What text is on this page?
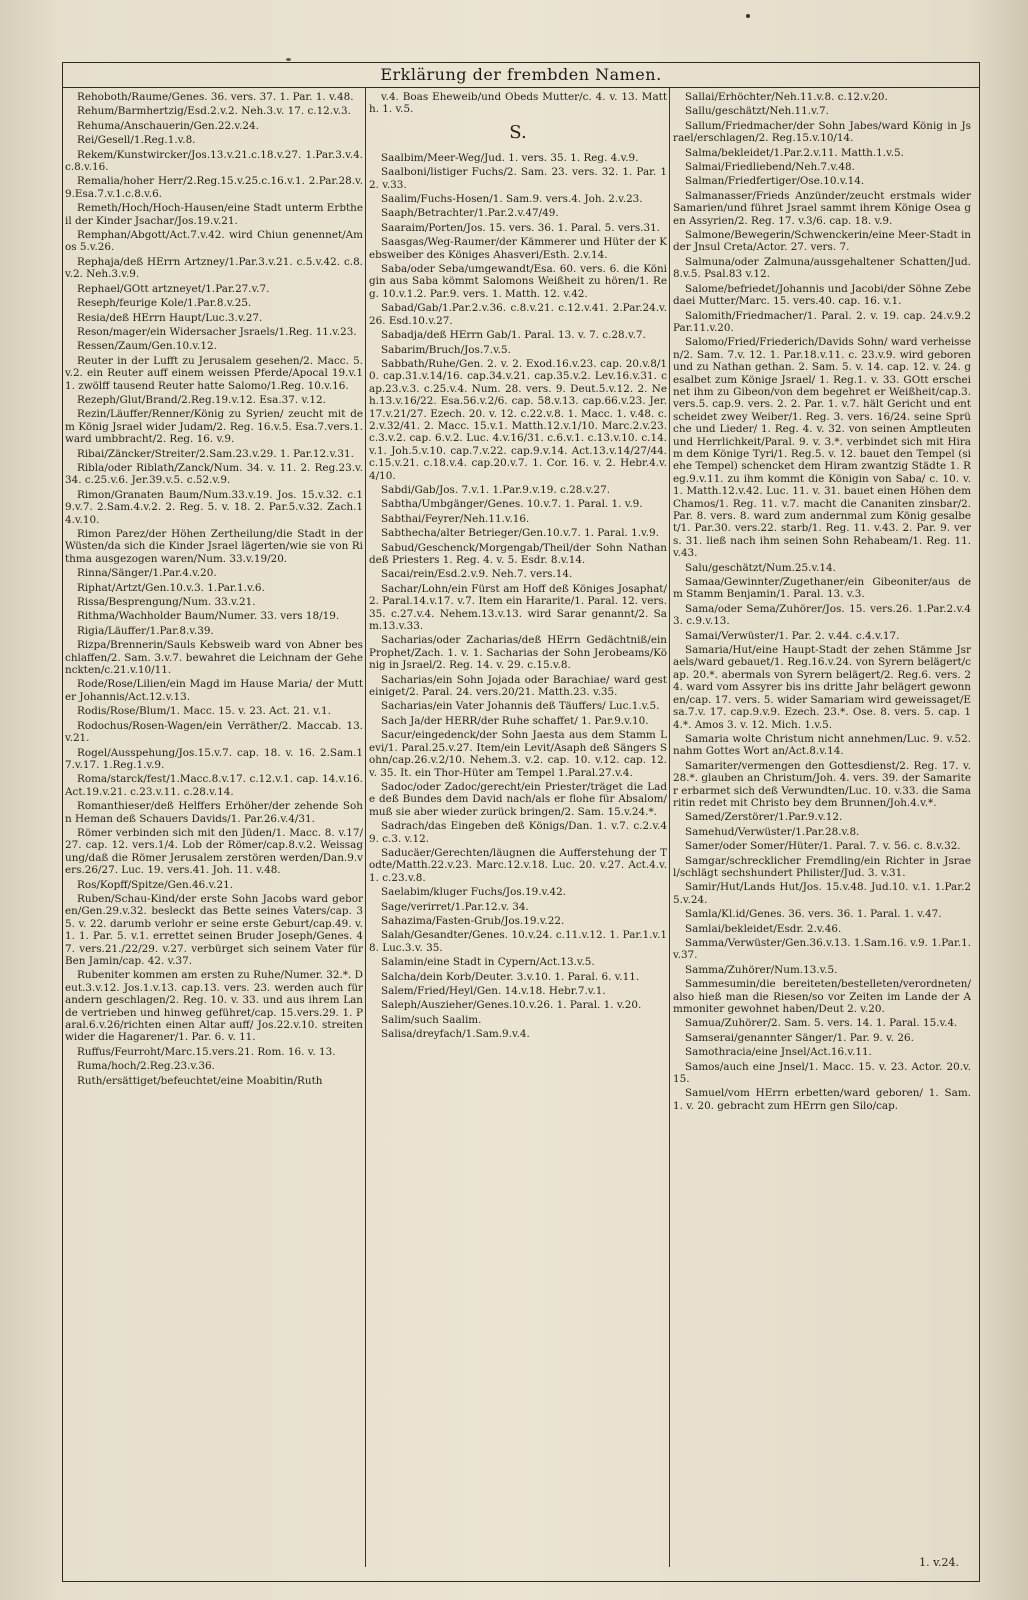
Erklärung der frembden Namen.
Rehoboth/Raume/Genes. 36. vers. 37. 1. Par. 1. v.48.
Rehum/Barmhertzig/Esd.2.v.2. Neh.3.v. 17. c.12.v.3.
Rehuma/Anschauerin/Gen.22.v.24.
Rei/Gesell/1.Reg.1.v.8.
Rekem/Kunstwircker/Jos.13.v.21.c.18.v.27. 1.Par.3.v.4.c.8.v.16.
Remalia/hoher Herr/2.Reg.15.v.25.c.16.v.1. 2.Par.28.v.9.Esa.7.v.1.c.8.v.6.
Remeth/Hoch/Hoch-Hausen/eine Stadt unterm Erbtheil der Kinder Jsachar/Jos.19.v.21.
Remphan/Abgott/Act.7.v.42. wird Chiun genennet/Amos 5.v.26.
Rephaja/deß HErrn Artzney/1.Par.3.v.21. c.5.v.42. c.8.v.2. Neh.3.v.9.
Rephael/GOtt artzneyet/1.Par.27.v.7.
Reseph/feurige Kole/1.Par.8.v.25.
Resia/deß HErrn Haupt/Luc.3.v.27.
Reson/mager/ein Widersacher Jsraels/1.Reg. 11.v.23.
Ressen/Zaum/Gen.10.v.12.
Reuter in der Lufft zu Jerusalem gesehen/2. Macc. 5.v.2. ein Reuter auff einem weissen Pferde/Apocal 19.v.11. zwölff tausend Reuter hatte Salomo/1.Reg. 10.v.16.
Rezeph/Glut/Brand/2.Reg.19.v.12. Esa.37. v.12.
Rezin/Läuffer/Renner/König zu Syrien/ zeucht mit dem König Jsrael wider Judam/2. Reg. 16.v.5. Esa.7.vers.1. ward umbbracht/2. Reg. 16. v.9.
Ribai/Zäncker/Streiter/2.Sam.23.v.29. 1. Par.12.v.31.
Ribla/oder Riblath/Zanck/Num. 34. v. 11. 2. Reg.23.v.34. c.25.v.6. Jer.39.v.5. c.52.v.9.
Rimon/Granaten Baum/Num.33.v.19. Jos. 15.v.32. c.19.v.7. 2.Sam.4.v.2. 2. Reg. 5. v. 18. 2. Par.5.v.32. Zach.14.v.10.
Rimon Parez/der Höhen Zertheilung/die Stadt in der Wüsten/da sich die Kinder Jsrael lägerten/wie sie von Rithma ausgezogen waren/Num. 33.v.19/20.
Rinna/Sänger/1.Par.4.v.20.
Riphat/Artzt/Gen.10.v.3. 1.Par.1.v.6.
Rissa/Besprengung/Num. 33.v.21.
Rithma/Wachholder Baum/Numer. 33. vers 18/19.
Rigia/Läuffer/1.Par.8.v.39.
Rizpa/Brennerin/Sauls Kebsweib ward von Abner beschlaffen/2. Sam. 3.v.7. bewahret die Leichnam der Gehenckten/c.21.v.10/11.
Rode/Rose/Lilien/ein Magd im Hause Maria/ der Mutter Johannis/Act.12.v.13.
Rodis/Rose/Blum/1. Macc. 15. v. 23. Act. 21. v.1.
Rodochus/Rosen-Wagen/ein Verräther/2. Maccab. 13.v.21.
Rogel/Ausspehung/Jos.15.v.7. cap. 18. v. 16. 2.Sam.17.v.17. 1.Reg.1.v.9.
Roma/starck/fest/1.Macc.8.v.17. c.12.v.1. cap. 14.v.16. Act.19.v.21. c.23.v.11. c.28.v.14.
Romanthieser/deß Helffers Erhöher/der zehende Sohn Heman deß Schauers Davids/1. Par.26.v.4/31.
Römer verbinden sich mit den Jüden/1. Macc. 8. v.17/27. cap. 12. vers.1/4. Lob der Römer/cap.8.v.2. Weissagung/daß die Römer Jerusalem zerstören werden/Dan.9.vers.26/27. Luc. 19. vers.41. Joh. 11. v.48.
Ros/Kopff/Spitze/Gen.46.v.21.
Ruben/Schau-Kind/der erste Sohn Jacobs ward geboren/Gen.29.v.32. besleckt das Bette seines Vaters/cap. 35. v. 22. darumb verlohr er seine erste Geburt/cap.49. v. 1. 1. Par. 5. v.1. errettet seinen Bruder Joseph/Genes. 47. vers.21./22/29. v.27. verbürget sich seinem Vater für Ben Jamin/cap. 42. v.37.
Rubeniter kommen am ersten zu Ruhe/Numer. 32.*. Deut.3.v.12. Jos.1.v.13. cap.13. vers. 23. werden auch für andern geschlagen/2. Reg. 10. v. 33. und aus ihrem Lande vertrieben und hinweg geführet/cap. 15.vers.29. 1. Paral.6.v.26/richten einen Altar auff/ Jos.22.v.10. streiten wider die Hagarener/1. Par. 6. v. 11.
Ruffus/Feurroht/Marc.15.vers.21. Rom. 16. v. 13.
Ruma/hoch/2.Reg.23.v.36.
Ruth/ersättiget/befeuchtet/eine Moabitin/Ruth
v.4. Boas Eheweib/und Obeds Mutter/c. 4. v. 13. Matth. 1. v.5.
S.
Saalbim/Meer-Weg/Jud. 1. vers. 35. 1. Reg. 4.v.9.
Saalboni/listiger Fuchs/2. Sam. 23. vers. 32. 1. Par. 12. v.33.
Saalim/Fuchs-Hosen/1. Sam.9. vers.4. Joh. 2.v.23.
Saaph/Betrachter/1.Par.2.v.47/49.
Saaraim/Porten/Jos. 15. vers. 36. 1. Paral. 5. vers.31.
Saasgas/Weg-Raumer/der Kämmerer und Hüter der Kebsweiber des Königes Ahasveri/Esth. 2.v.14.
Saba/oder Seba/umgewandt/Esa. 60. vers. 6. die Königin aus Saba kömmt Salomons Weißheit zu hören/1. Reg. 10.v.1.2. Par.9. vers. 1. Matth. 12. v.42.
Sabad/Gab/1.Par.2.v.36. c.8.v.21. c.12.v.41. 2.Par.24.v.26. Esd.10.v.27.
Sabadja/deß HErrn Gab/1. Paral. 13. v. 7. c.28.v.7.
Sabarim/Bruch/Jos.7.v.5.
Sabbath/Ruhe/Gen. 2. v. 2. Exod.16.v.23. cap. 20.v.8/10. cap.31.v.14/16. cap.34.v.21. cap.35.v.2. Lev.16.v.31. cap.23.v.3. c.25.v.4. Num. 28. vers. 9. Deut.5.v.12. 2. Neh.13.v.16/22. Esa.56.v.2/6. cap. 58.v.13. cap.66.v.23. Jer.17.v.21/27. Ezech. 20. v. 12. c.22.v.8. 1. Macc. 1. v.48. c.2.v.32/41. 2. Macc. 15.v.1. Matth.12.v.1/10. Marc.2.v.23. c.3.v.2. cap. 6.v.2. Luc. 4.v.16/31. c.6.v.1. c.13.v.10. c.14.v.1. Joh.5.v.10. cap.7.v.22. cap.9.v.14. Act.13.v.14/27/44. c.15.v.21. c.18.v.4. cap.20.v.7. 1. Cor. 16. v. 2. Hebr.4.v.4/10.
Sabdi/Gab/Jos. 7.v.1. 1.Par.9.v.19. c.28.v.27.
Sabtha/Umbgänger/Genes. 10.v.7. 1. Paral. 1. v.9.
Sabthai/Feyrer/Neh.11.v.16.
Sabthecha/alter Betrieger/Gen.10.v.7. 1. Paral. 1.v.9.
Sabud/Geschenck/Morgengab/Theil/der Sohn Nathan deß Priesters 1. Reg. 4. v. 5. Esdr. 8.v.14.
Sacai/rein/Esd.2.v.9. Neh.7. vers.14.
Sachar/Lohn/ein Fürst am Hoff deß Königes Josaphat/2. Paral.14.v.17. v.7. Item ein Hararite/1. Paral. 12. vers.35. c.27.v.4. Nehem.13.v.13. wird Sarar genannt/2. Sam.13.v.33.
Sacharias/oder Zacharias/deß HErrn Gedächtniß/ein Prophet/Zach. 1. v. 1. Sacharias der Sohn Jerobeams/König in Jsrael/2. Reg. 14. v. 29. c.15.v.8.
Sacharias/ein Sohn Jojada oder Barachiae/ ward gesteiniget/2. Paral. 24. vers.20/21. Matth.23. v.35.
Sacharias/ein Vater Johannis deß Täuffers/ Luc.1.v.5.
Sach Ja/der HERR/der Ruhe schaffet/ 1. Par.9.v.10.
Sacur/eingedenck/der Sohn Jaesta aus dem Stamm Levi/1. Paral.25.v.27. Item/ein Levit/Asaph deß Sängers Sohn/cap.26.v.2/10. Nehem.3. v.2. cap. 10. v.12. cap. 12. v. 35. It. ein Thor-Hüter am Tempel 1.Paral.27.v.4.
Sadoc/oder Zadoc/gerecht/ein Priester/träget die Lade deß Bundes dem David nach/als er flohe für Absalom/muß sie aber wieder zurück bringen/2. Sam. 15.v.24.*.
Sadrach/das Eingeben deß Königs/Dan. 1. v.7. c.2.v.49. c.3. v.12.
Saducäer/Gerechten/läugnen die Aufferstehung der Todte/Matth.22.v.23. Marc.12.v.18. Luc. 20. v.27. Act.4.v.1. c.23.v.8.
Saelabim/kluger Fuchs/Jos.19.v.42.
Sage/verirret/1.Par.12.v. 34.
Sahazima/Fasten-Grub/Jos.19.v.22.
Salah/Gesandter/Genes. 10.v.24. c.11.v.12. 1. Par.1.v.18. Luc.3.v. 35.
Salamin/eine Stadt in Cypern/Act.13.v.5.
Salcha/dein Korb/Deuter. 3.v.10. 1. Paral. 6. v.11.
Salem/Fried/Heyl/Gen. 14.v.18. Hebr.7.v.1.
Saleph/Auszieher/Genes.10.v.26. 1. Paral. 1. v.20.
Salim/such Saalim.
Salisa/dreyfach/1.Sam.9.v.4.
Sallai/Erhöchter/Neh.11.v.8. c.12.v.20.
Sallu/geschätzt/Neh.11.v.7.
Sallum/Friedmacher/der Sohn Jabes/ward König in Jsrael/erschlagen/2. Reg.15.v.10/14.
Salma/bekleidet/1.Par.2.v.11. Matth.1.v.5.
Salmai/Friedliebend/Neh.7.v.48.
Salman/Friedfertiger/Ose.10.v.14.
Salmanasser/Frieds Anzünder/zeucht erstmals wider Samarien/und führet Jsrael sammt ihrem Könige Osea gen Assyrien/2. Reg. 17. v.3/6. cap. 18. v.9.
Salmone/Bewegerin/Schwenckerin/eine Meer-Stadt in der Jnsul Creta/Actor. 27. vers. 7.
Salmuna/oder Zalmuna/aussgehaltener Schatten/Jud.8.v.5. Psal.83 v.12.
Salome/befriedet/Johannis und Jacobi/der Söhne Zebedaei Mutter/Marc. 15. vers.40. cap. 16. v.1.
Salomith/Friedmacher/1. Paral. 2. v. 19. cap. 24.v.9.2 Par.11.v.20.
Salomo/Fried/Friederich/Davids Sohn/ ward verheissen/2. Sam. 7.v. 12. 1. Par.18.v.11. c. 23.v.9. wird geboren und zu Nathan gethan. 2. Sam. 5. v. 14. cap. 12. v. 24. gesalbet zum Könige Jsrael/ 1. Reg.1. v. 33. GOtt erscheinet ihm zu Gibeon/von dem begehret er Weißheit/cap.3. vers.5. cap.9. vers. 2. 2. Par. 1. v.7. hält Gericht und entscheidet zwey Weiber/1. Reg. 3. vers. 16/24. seine Sprüche und Lieder/ 1. Reg. 4. v. 32. von seinen Amptleuten und Herrlichkeit/Paral. 9. v. 3.*. verbindet sich mit Hiram dem Könige Tyri/1. Reg.5. v. 12. bauet den Tempel (siehe Tempel) schencket dem Hiram zwantzig Städte 1. Reg.9.v.11. zu ihm kommt die Königin von Saba/ c. 10. v.1. Matth.12.v.42. Luc. 11. v. 31. bauet einen Höhen dem Chamos/1. Reg. 11. v.7. macht die Cananiten zinsbar/2. Par. 8. vers. 8. ward zum andernmal zum König gesalbet/1. Par.30. vers.22. starb/1. Reg. 11. v.43. 2. Par. 9. vers. 31. ließ nach ihm seinen Sohn Rehabeam/1. Reg. 11. v.43.
Salu/geschätzt/Num.25.v.14.
Samaa/Gewinnter/Zugethaner/ein Gibeoniter/aus dem Stamm Benjamin/1. Paral. 13. v.3.
Sama/oder Sema/Zuhörer/Jos. 15. vers.26. 1.Par.2.v.43. c.9.v.13.
Samai/Verwüster/1. Par. 2. v.44. c.4.v.17.
Samaria/Hut/eine Haupt-Stadt der zehen Stämme Jsraels/ward gebauet/1. Reg.16.v.24. von Syrern belägert/cap. 20.*. abermals von Syrern belägert/2. Reg.6. vers. 24. ward vom Assyrer bis ins dritte Jahr belägert gewonnen/cap. 17. vers. 5. wider Samariam wird geweissaget/Esa.7.v. 17. cap.9.v.9. Ezech. 23.*. Ose. 8. vers. 5. cap. 14.*. Amos 3. v. 12. Mich. 1.v.5.
Samaria wolte Christum nicht annehmen/Luc. 9. v.52. nahm Gottes Wort an/Act.8.v.14.
Samariter/vermengen den Gottesdienst/2. Reg. 17. v. 28.*. glauben an Christum/Joh. 4. vers. 39. der Samariter erbarmet sich deß Verwundten/Luc. 10. v.33. die Samaritin redet mit Christo bey dem Brunnen/Joh.4.v.*.
Samed/Zerstörer/1.Par.9.v.12.
Samehud/Verwüster/1.Par.28.v.8.
Samer/oder Somer/Hüter/1. Paral. 7. v. 56. c. 8.v.32.
Samgar/schrecklicher Fremdling/ein Richter in Jsrael/schlägt sechshundert Philister/Jud. 3. v.31.
Samir/Hut/Lands Hut/Jos. 15.v.48. Jud.10. v.1. 1.Par.25.v.24.
Samla/Kl.id/Genes. 36. vers. 36. 1. Paral. 1. v.47.
Samlai/bekleidet/Esdr. 2.v.46.
Samma/Verwüster/Gen.36.v.13. 1.Sam.16. v.9. 1.Par.1.v.37.
Samma/Zuhörer/Num.13.v.5.
Sammesumin/die bereiteten/bestelleten/verordneten/also hieß man die Riesen/so vor Zeiten im Lande der Ammoniter gewohnet haben/Deut 2. v.20.
Samua/Zuhörer/2. Sam. 5. vers. 14. 1. Paral. 15.v.4.
Samserai/genannter Sänger/1. Par. 9. v. 26.
Samothracia/eine Jnsel/Act.16.v.11.
Samos/auch eine Jnsel/1. Macc. 15. v. 23. Actor. 20.v.15.
Samuel/vom HErrn erbetten/ward geboren/ 1. Sam. 1. v. 20. gebracht zum HErrn gen Silo/cap.
1. v.24.
